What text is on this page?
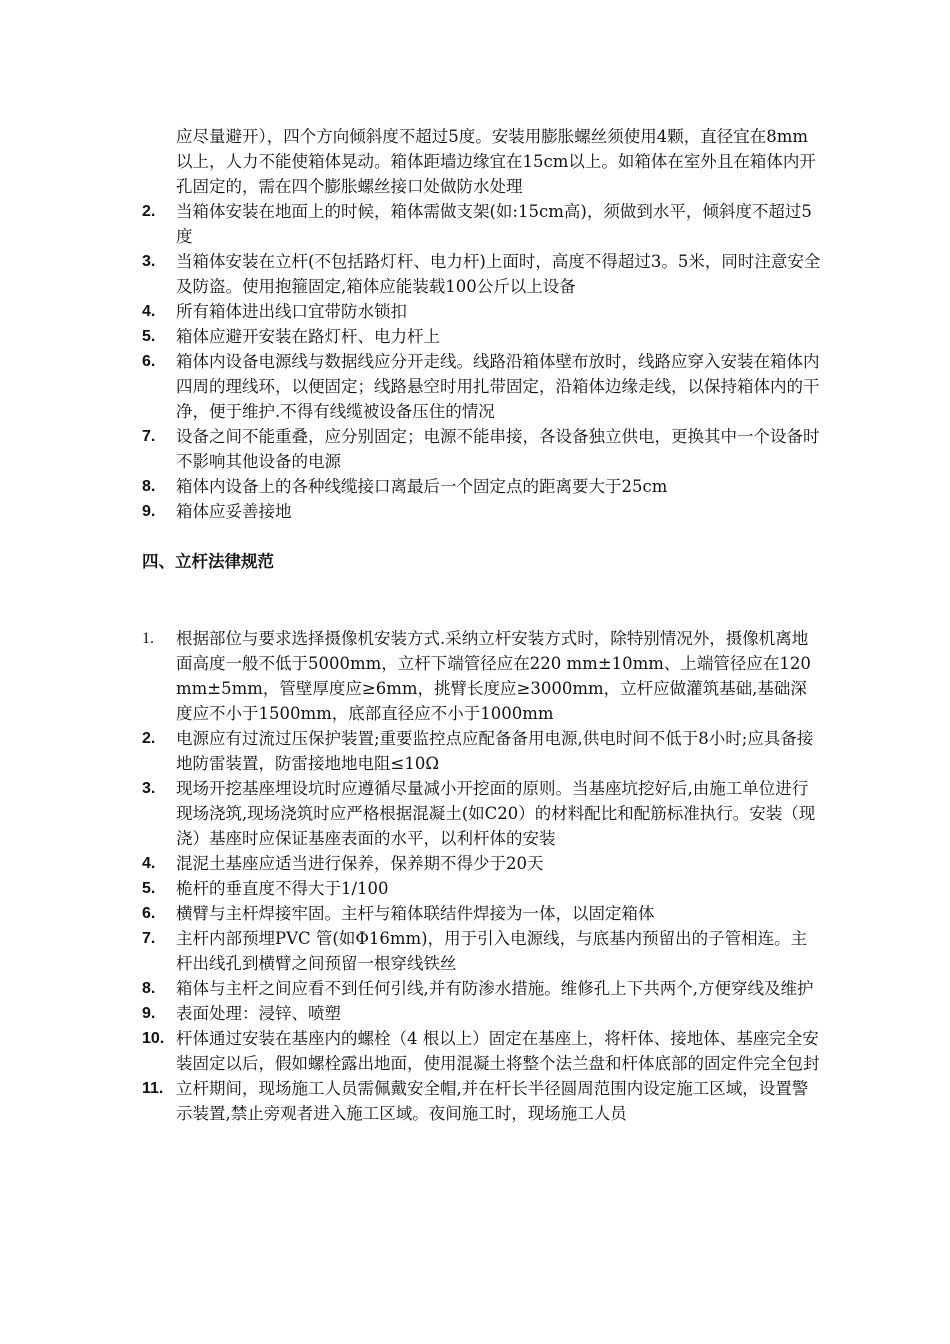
应尽量避开），四个方向倾斜度不超过5度。安装用膨胀螺丝须使用4颗，直径宜在8mm以上，人力不能使箱体晃动。箱体距墙边缘宜在15cm以上。如箱体在室外且在箱体内开孔固定的，需在四个膨胀螺丝接口处做防水处理
2.	当箱体安装在地面上的时候，箱体需做支架(如:15cm高)，须做到水平，倾斜度不超过5度
3.	当箱体安装在立杆(不包括路灯杆、电力杆)上面时，高度不得超过3。5米，同时注意安全及防盗。使用抱箍固定,箱体应能装载100公斤以上设备
4.	所有箱体进出线口宜带防水锁扣
5.	箱体应避开安装在路灯杆、电力杆上
6.	箱体内设备电源线与数据线应分开走线。线路沿箱体壁布放时，线路应穿入安装在箱体内四周的理线环，以便固定；线路悬空时用扎带固定，沿箱体边缘走线，以保持箱体内的干净，便于维护.不得有线缆被设备压住的情况
7.	设备之间不能重叠，应分别固定；电源不能串接，各设备独立供电，更换其中一个设备时不影响其他设备的电源
8.	箱体内设备上的各种线缆接口离最后一个固定点的距离要大于25cm
9.	箱体应妥善接地
四、立杆法律规范
1.	根据部位与要求选择摄像机安装方式.采纳立杆安装方式时，除特别情况外，摄像机离地面高度一般不低于5000mm，立杆下端管径应在220 mm±10mm、上端管径应在120 mm±5mm，管壁厚度应≥6mm，挑臂长度应≥3000mm，立杆应做灌筑基础,基础深度应不小于1500mm，底部直径应不小于1000mm
2.	电源应有过流过压保护装置;重要监控点应配备备用电源,供电时间不低于8小时;应具备接地防雷装置，防雷接地地电阻≤10Ω
3.	现场开挖基座埋设坑时应遵循尽量减小开挖面的原则。当基座坑挖好后,由施工单位进行现场浇筑,现场浇筑时应严格根据混凝土(如C20）的材料配比和配筋标准执行。安装（现浇）基座时应保证基座表面的水平，以利杆体的安装
4.	混泥土基座应适当进行保养，保养期不得少于20天
5.	桅杆的垂直度不得大于1/100
6.	横臂与主杆焊接牢固。主杆与箱体联结件焊接为一体，以固定箱体
7.	主杆内部预埋PVC 管(如Φ16mm)，用于引入电源线，与底基内预留出的子管相连。主杆出线孔到横臂之间预留一根穿线铁丝
8.	箱体与主杆之间应看不到任何引线,并有防渗水措施。维修孔上下共两个,方便穿线及维护
9.	表面处理：浸锌、喷塑
10. 杆体通过安装在基座内的螺栓（4 根以上）固定在基座上，将杆体、接地体、基座完全安装固定以后，假如螺栓露出地面，使用混凝土将整个法兰盘和杆体底部的固定件完全包封
11. 立杆期间，现场施工人员需佩戴安全帽,并在杆长半径圆周范围内设定施工区域，设置警示装置,禁止旁观者进入施工区域。夜间施工时，现场施工人员
